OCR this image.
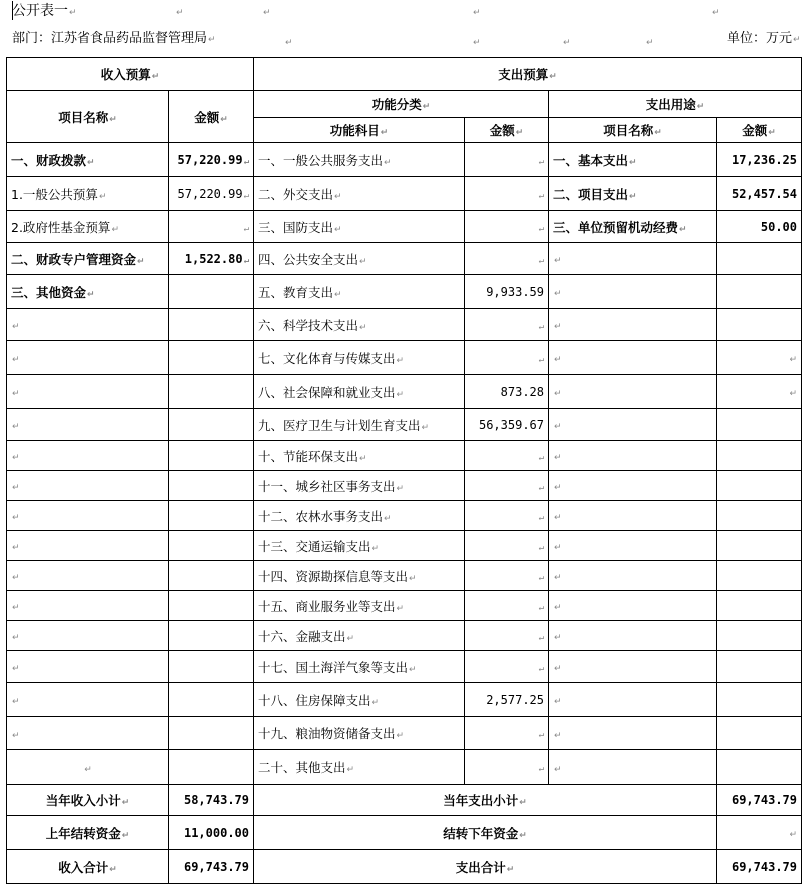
公开表一↵
部门：江苏省食品药品监督管理局↵	单位：万元↵
↵	↵	↵	↵
↵	↵	↵	↵
收入预算↵		支出预算↵			
项目名称↵	金额↵	功能分类↵		支出用途↵	
		功能科目↵	金额↵	项目名称↵	金额↵
一、财政拨款↵	57,220.99↵	一、一般公共服务支出↵	↵	一、基本支出↵	17,236.25
1.一般公共预算↵	57,220.99↵	二、外交支出↵	↵	二、项目支出↵	52,457.54
2.政府性基金预算↵	↵	三、国防支出↵	↵	三、单位预留机动经费↵	50.00
二、财政专户管理资金↵	1,522.80↵	四、公共安全支出↵	↵	↵	
三、其他资金↵		五、教育支出↵	9,933.59	↵	
↵		六、科学技术支出↵	↵	↵	
↵		七、文化体育与传媒支出↵	↵	↵	↵
↵		八、社会保障和就业支出↵	873.28	↵	↵
↵		九、医疗卫生与计划生育支出↵	56,359.67	↵	
↵		十、节能环保支出↵	↵	↵	
↵		十一、城乡社区事务支出↵	↵	↵	
↵		十二、农林水事务支出↵	↵	↵	
↵		十三、交通运输支出↵	↵	↵	
↵		十四、资源勘探信息等支出↵	↵	↵	
↵		十五、商业服务业等支出↵	↵	↵	
↵		十六、金融支出↵	↵	↵	
↵		十七、国土海洋气象等支出↵	↵	↵	
↵		十八、住房保障支出↵	2,577.25	↵	
↵		十九、粮油物资储备支出↵	↵	↵	
↵		二十、其他支出↵	↵	↵	
当年收入小计↵	58,743.79	当年支出小计↵			69,743.79
上年结转资金↵	11,000.00	结转下年资金↵			↵
收入合计↵	69,743.79	支出合计↵			69,743.79
